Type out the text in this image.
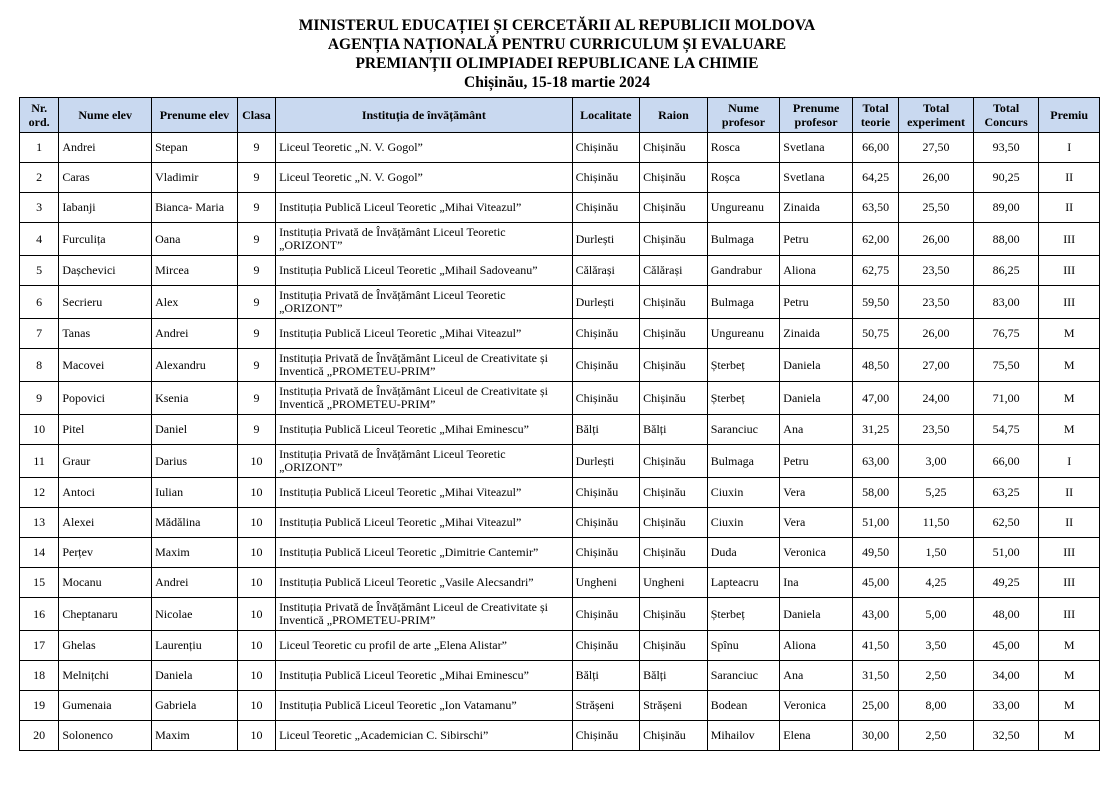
MINISTERUL EDUCAȚIEI ȘI CERCETĂRII AL REPUBLICII MOLDOVA
AGENȚIA NAȚIONALĂ PENTRU CURRICULUM ȘI EVALUARE
PREMIANȚII OLIMPIADEI REPUBLICANE LA CHIMIE
Chișinău, 15-18 martie 2024
Nr. ord.	Nume elev	Prenume elev	Clasa	Instituția de învățământ	Localitate	Raion	Nume profesor	Prenume profesor	Total teorie	Total experiment	Total Concurs	Premiu
1	Andrei	Stepan	9	Liceul Teoretic „N. V. Gogol”	Chișinău	Chișinău	Rosca	Svetlana	66,00	27,50	93,50	I
2	Caras	Vladimir	9	Liceul Teoretic „N. V. Gogol”	Chișinău	Chișinău	Roșca	Svetlana	64,25	26,00	90,25	II
3	Iabanji	Bianca- Maria	9	Instituția Publică Liceul Teoretic „Mihai Viteazul”	Chișinău	Chișinău	Ungureanu	Zinaida	63,50	25,50	89,00	II
4	Furculița	Oana	9	Instituția Privată de Învățământ Liceul Teoretic „ORIZONT”	Durlești	Chișinău	Bulmaga	Petru	62,00	26,00	88,00	III
5	Dașchevici	Mircea	9	Instituția Publică Liceul Teoretic „Mihail Sadoveanu”	Călărași	Călărași	Gandrabur	Aliona	62,75	23,50	86,25	III
6	Secrieru	Alex	9	Instituția Privată de Învățământ Liceul Teoretic „ORIZONT”	Durlești	Chișinău	Bulmaga	Petru	59,50	23,50	83,00	III
7	Tanas	Andrei	9	Instituția Publică Liceul Teoretic „Mihai Viteazul”	Chișinău	Chișinău	Ungureanu	Zinaida	50,75	26,00	76,75	M
8	Macovei	Alexandru	9	Instituția Privată de Învățământ Liceul de Creativitate și Inventică „PROMETEU-PRIM”	Chișinău	Chișinău	Șterbeț	Daniela	48,50	27,00	75,50	M
9	Popovici	Ksenia	9	Instituția Privată de Învățământ Liceul de Creativitate și Inventică „PROMETEU-PRIM”	Chișinău	Chișinău	Șterbeț	Daniela	47,00	24,00	71,00	M
10	Pitel	Daniel	9	Instituția Publică Liceul Teoretic „Mihai Eminescu”	Bălți	Bălți	Saranciuc	Ana	31,25	23,50	54,75	M
11	Graur	Darius	10	Instituția Privată de Învățământ Liceul Teoretic „ORIZONT”	Durlești	Chișinău	Bulmaga	Petru	63,00	3,00	66,00	I
12	Antoci	Iulian	10	Instituția Publică Liceul Teoretic „Mihai Viteazul”	Chișinău	Chișinău	Ciuxin	Vera	58,00	5,25	63,25	II
13	Alexei	Mădălina	10	Instituția Publică Liceul Teoretic „Mihai Viteazul”	Chișinău	Chișinău	Ciuxin	Vera	51,00	11,50	62,50	II
14	Perțev	Maxim	10	Instituția Publică Liceul Teoretic „Dimitrie Cantemir”	Chișinău	Chișinău	Duda	Veronica	49,50	1,50	51,00	III
15	Mocanu	Andrei	10	Instituția Publică Liceul Teoretic „Vasile Alecsandri”	Ungheni	Ungheni	Lapteacru	Ina	45,00	4,25	49,25	III
16	Cheptanaru	Nicolae	10	Instituția Privată de Învățământ Liceul de Creativitate și Inventică „PROMETEU-PRIM”	Chișinău	Chișinău	Șterbeț	Daniela	43,00	5,00	48,00	III
17	Ghelas	Laurențiu	10	Liceul Teoretic cu profil de arte „Elena Alistar”	Chișinău	Chișinău	Spînu	Aliona	41,50	3,50	45,00	M
18	Melnițchi	Daniela	10	Instituția Publică Liceul Teoretic „Mihai Eminescu”	Bălți	Bălți	Saranciuc	Ana	31,50	2,50	34,00	M
19	Gumenaia	Gabriela	10	Instituția Publică Liceul Teoretic „Ion Vatamanu”	Strășeni	Strășeni	Bodean	Veronica	25,00	8,00	33,00	M
20	Solonenco	Maxim	10	Liceul Teoretic „Academician C. Sibirschi”	Chișinău	Chișinău	Mihailov	Elena	30,00	2,50	32,50	M
